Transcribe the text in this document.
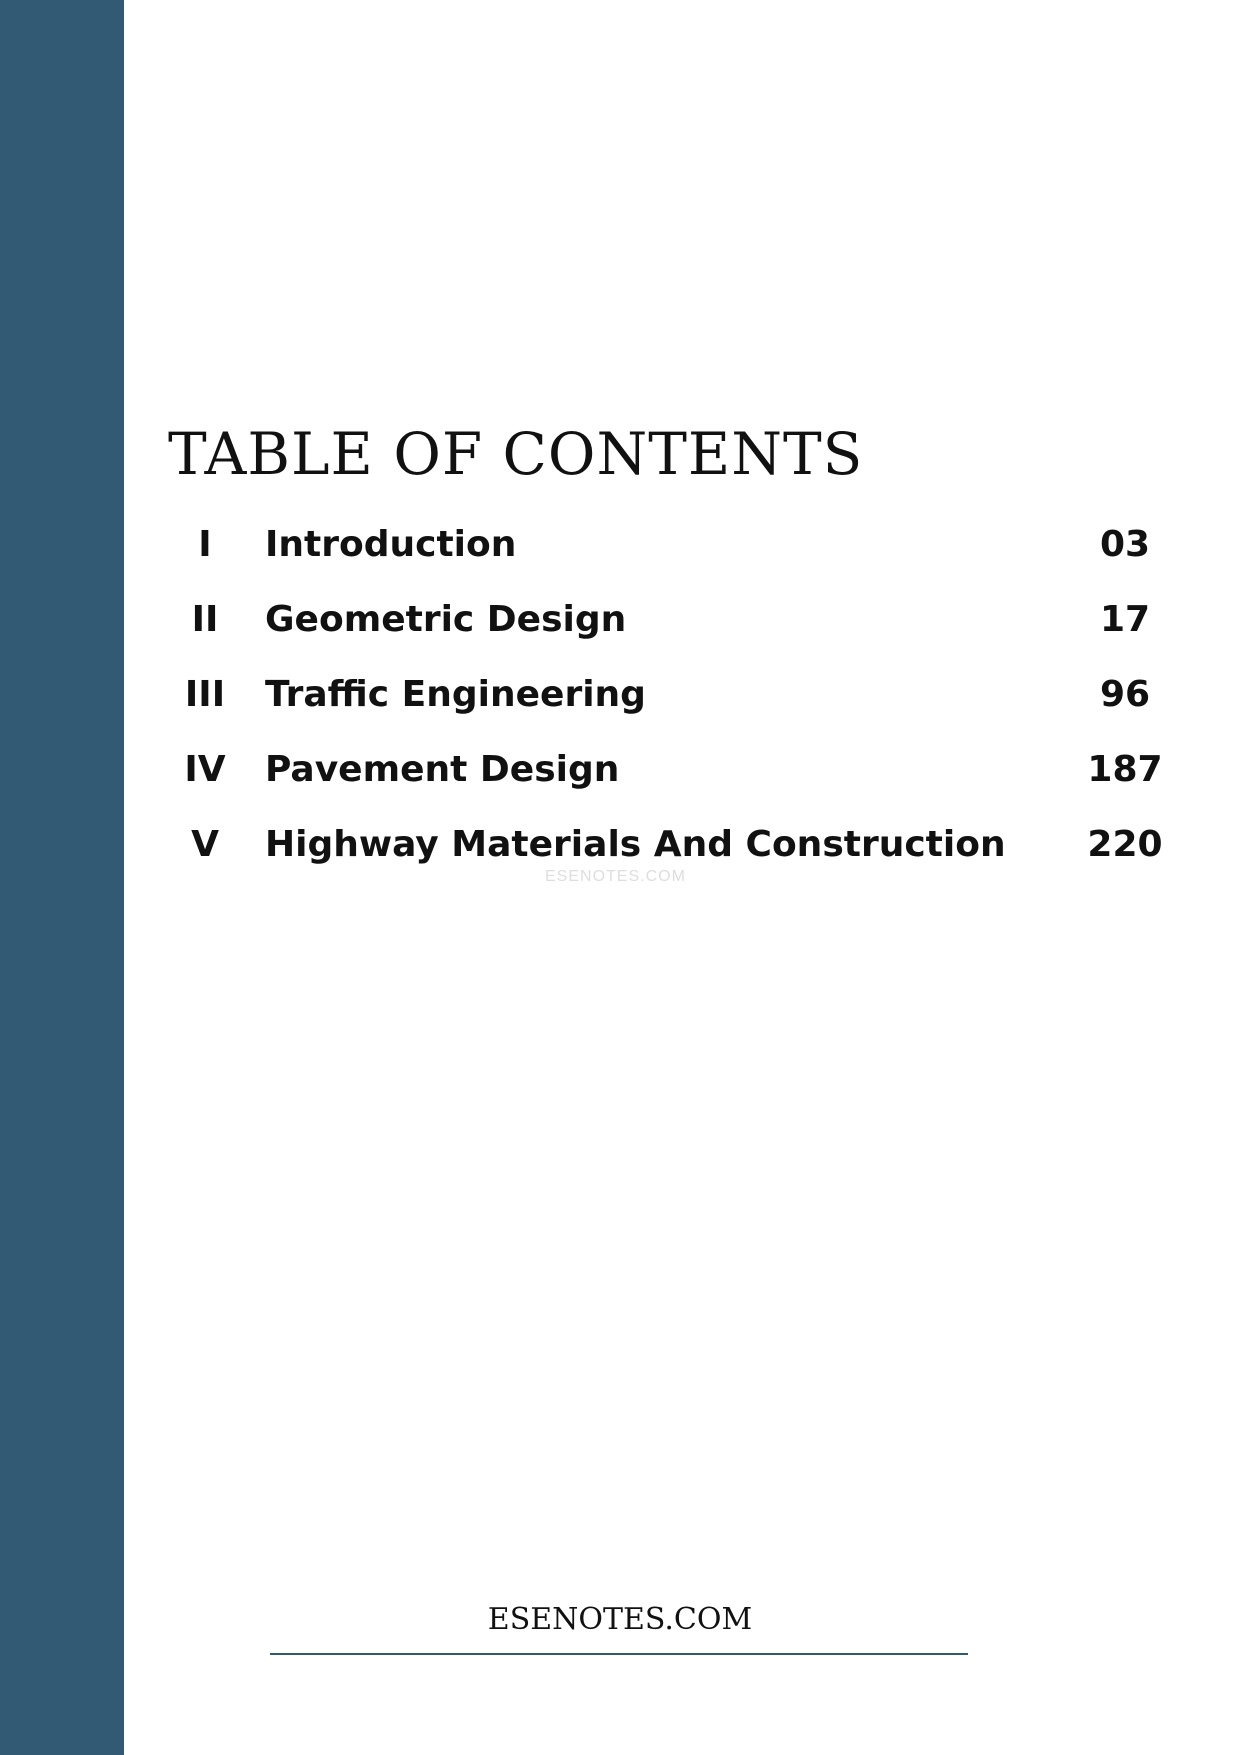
TABLE OF CONTENTS
I	Introduction	03
II	Geometric Design	17
III	Traffic Engineering	96
IV	Pavement Design	187
V	Highway Materials And Construction	220
ESENOTES.COM
ESENOTES.COM
